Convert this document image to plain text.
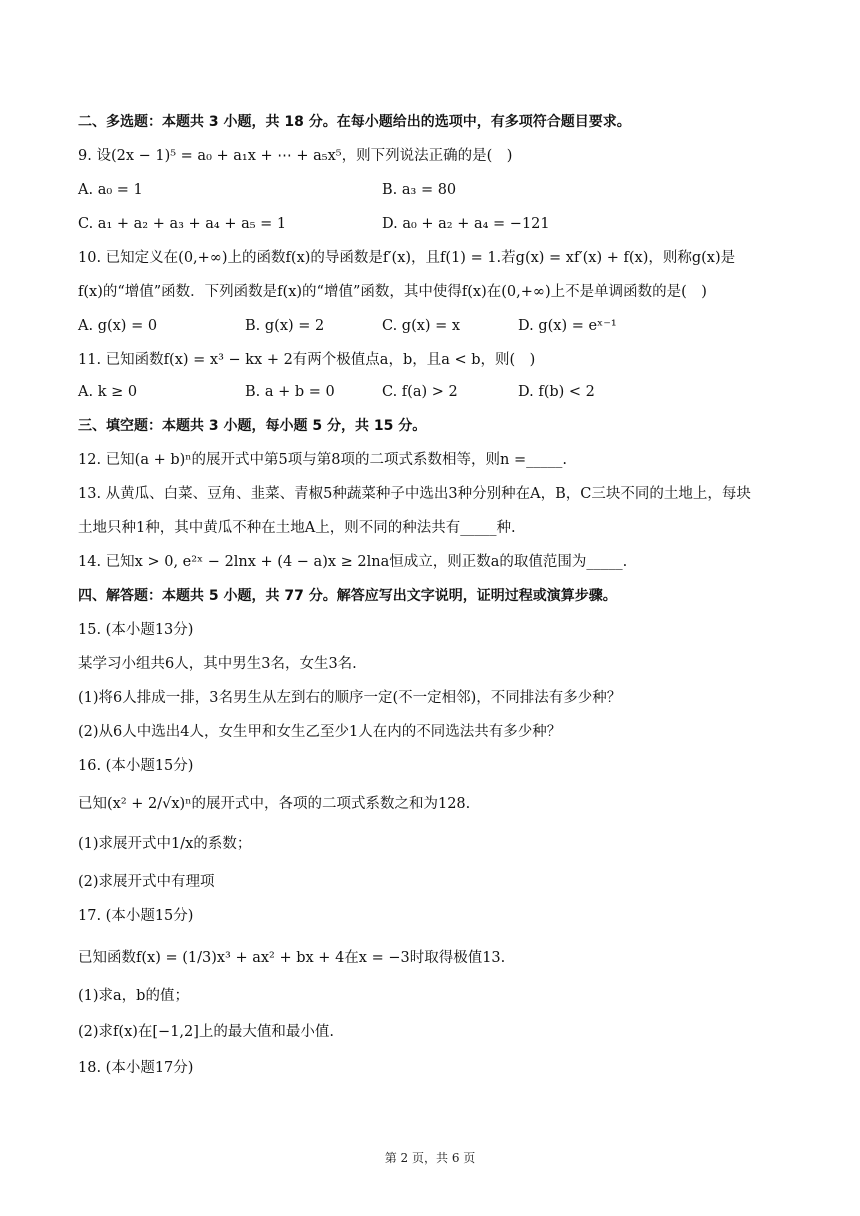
二、多选题：本题共 3 小题，共 18 分。在每小题给出的选项中，有多项符合题目要求。
9. 设(2x − 1)⁵ = a₀ + a₁x + ⋯ + a₅x⁵，则下列说法正确的是(　)
A. a₀ = 1	B. a₃ = 80
C. a₁ + a₂ + a₃ + a₄ + a₅ = 1	D. a₀ + a₂ + a₄ = −121
10. 已知定义在(0,+∞)上的函数f(x)的导函数是f′(x)，且f(1) = 1.若g(x) = xf′(x) + f(x)，则称g(x)是
f(x)的“增值”函数．下列函数是f(x)的“增值”函数，其中使得f(x)在(0,+∞)上不是单调函数的是(　)
A. g(x) = 0	B. g(x) = 2	C. g(x) = x	D. g(x) = eˣ⁻¹
11. 已知函数f(x) = x³ − kx + 2有两个极值点a，b，且a < b，则(　)
A. k ≥ 0	B. a + b = 0	C. f(a) > 2	D. f(b) < 2
三、填空题：本题共 3 小题，每小题 5 分，共 15 分。
12. 已知(a + b)ⁿ的展开式中第5项与第8项的二项式系数相等，则n =_____.
13. 从黄瓜、白菜、豆角、韭菜、青椒5种蔬菜种子中选出3种分别种在A，B，C三块不同的土地上，每块
土地只种1种，其中黄瓜不种在土地A上，则不同的种法共有_____种.
14. 已知x > 0, e²ˣ − 2lnx + (4 − a)x ≥ 2lna恒成立，则正数a的取值范围为_____.
四、解答题：本题共 5 小题，共 77 分。解答应写出文字说明，证明过程或演算步骤。
15. (本小题13分)
某学习小组共6人，其中男生3名，女生3名.
(1)将6人排成一排，3名男生从左到右的顺序一定(不一定相邻)，不同排法有多少种？
(2)从6人中选出4人，女生甲和女生乙至少1人在内的不同选法共有多少种？
16. (本小题15分)
已知(x² + 2/√x)ⁿ的展开式中，各项的二项式系数之和为128.
(1)求展开式中1/x的系数；
(2)求展开式中有理项
17. (本小题15分)
已知函数f(x) = (1/3)x³ + ax² + bx + 4在x = −3时取得极值13.
(1)求a，b的值；
(2)求f(x)在[−1,2]上的最大值和最小值.
18. (本小题17分)
第 2 页，共 6 页
